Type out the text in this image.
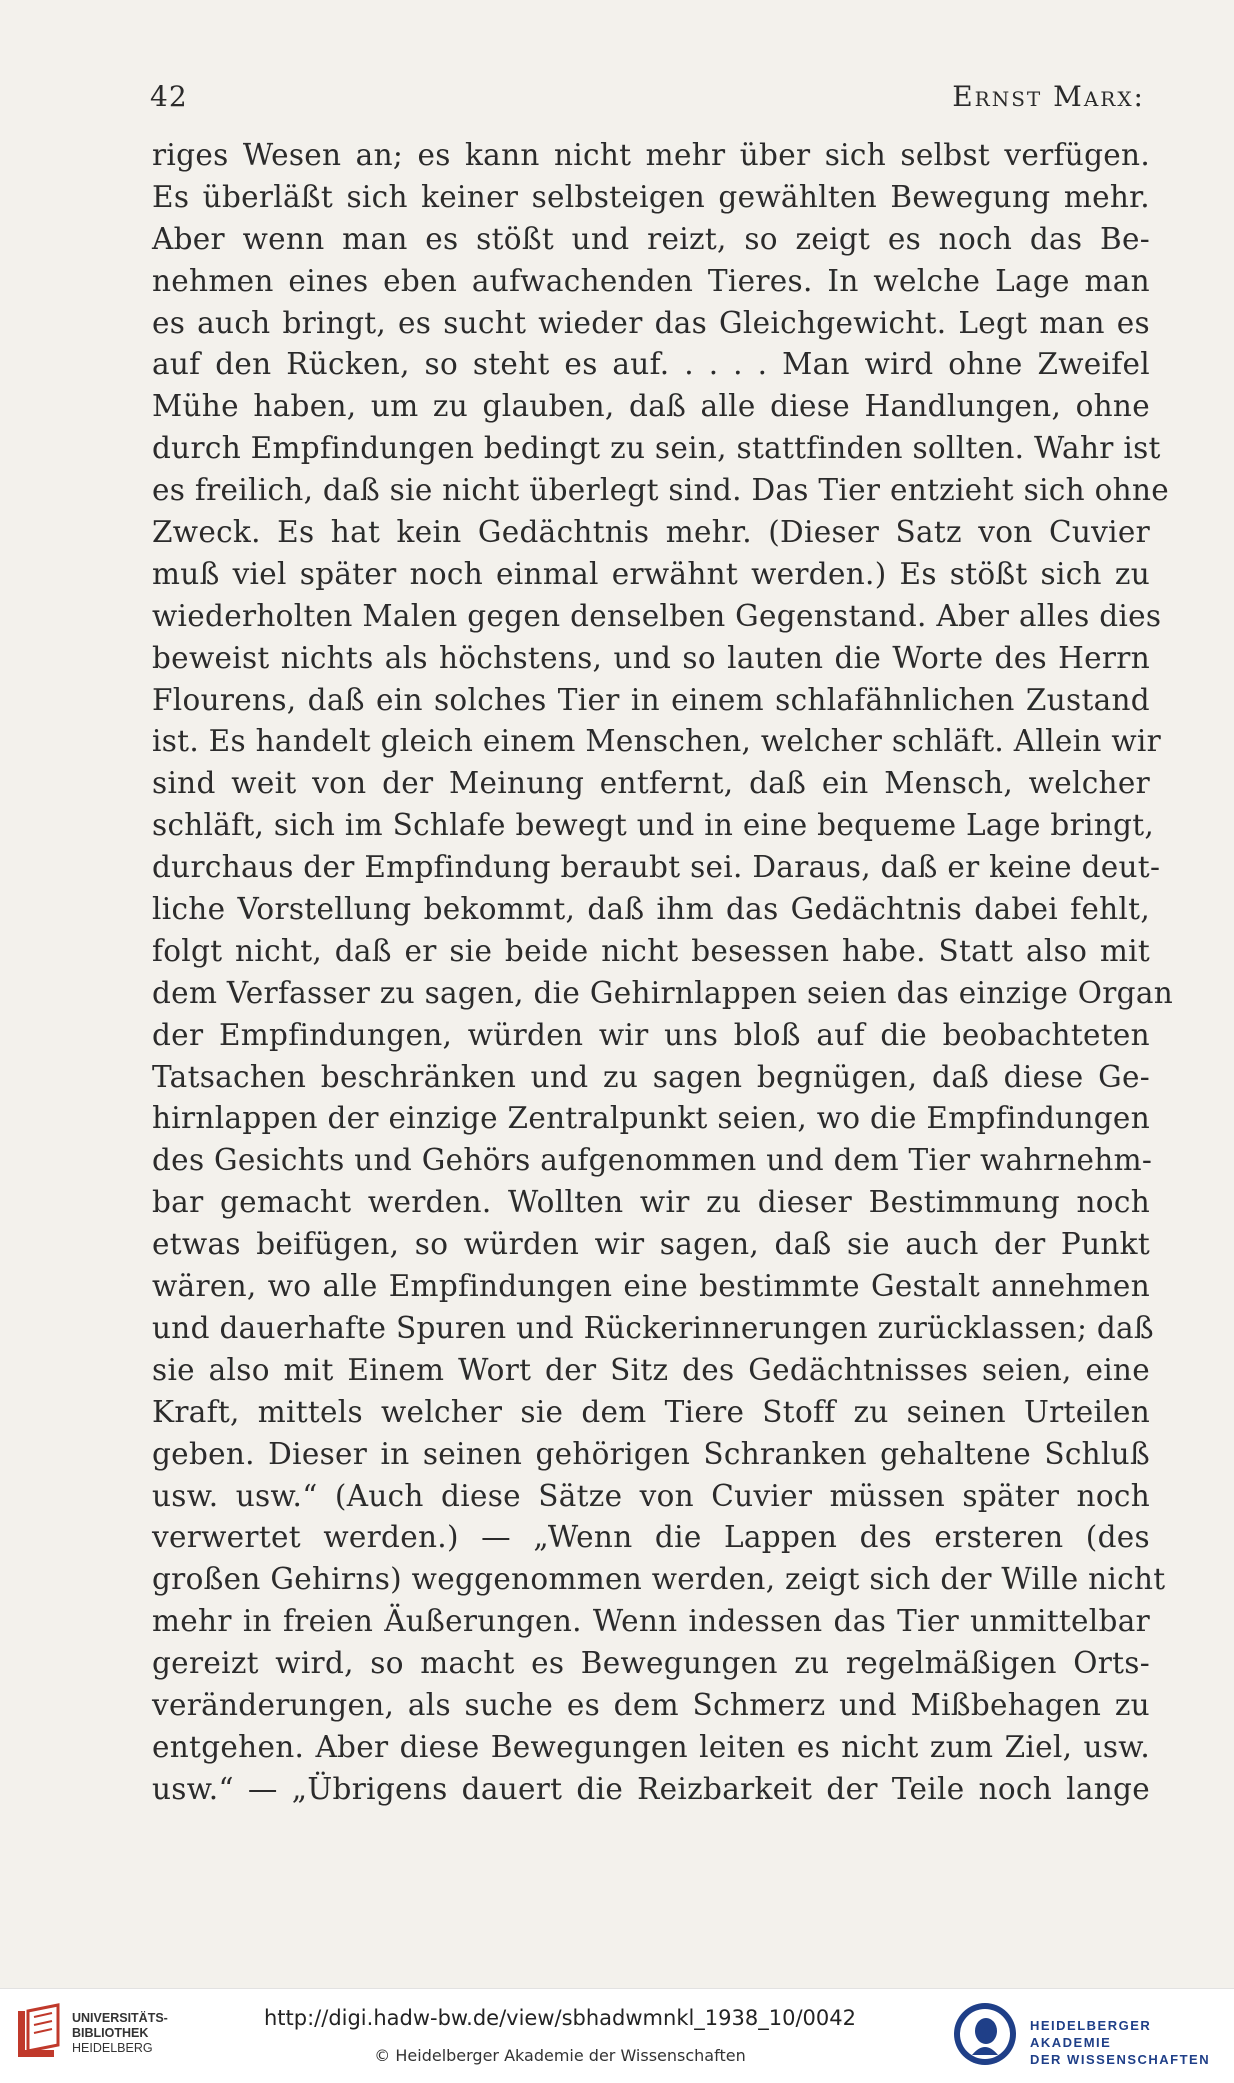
42	Ernst Marx:
riges Wesen an; es kann nicht mehr über sich selbst verfügen.
Es überläßt sich keiner selbsteigen gewählten Bewegung mehr.
Aber wenn man es stößt und reizt, so zeigt es noch das Be-
nehmen eines eben aufwachenden Tieres. In welche Lage man
es auch bringt, es sucht wieder das Gleichgewicht. Legt man es
auf den Rücken, so steht es auf. . . . . Man wird ohne Zweifel
Mühe haben, um zu glauben, daß alle diese Handlungen, ohne
durch Empfindungen bedingt zu sein, stattfinden sollten. Wahr ist
es freilich, daß sie nicht überlegt sind. Das Tier entzieht sich ohne
Zweck. Es hat kein Gedächtnis mehr. (Dieser Satz von Cuvier
muß viel später noch einmal erwähnt werden.) Es stößt sich zu
wiederholten Malen gegen denselben Gegenstand. Aber alles dies
beweist nichts als höchstens, und so lauten die Worte des Herrn
Flourens, daß ein solches Tier in einem schlafähnlichen Zustand
ist. Es handelt gleich einem Menschen, welcher schläft. Allein wir
sind weit von der Meinung entfernt, daß ein Mensch, welcher
schläft, sich im Schlafe bewegt und in eine bequeme Lage bringt,
durchaus der Empfindung beraubt sei. Daraus, daß er keine deut-
liche Vorstellung bekommt, daß ihm das Gedächtnis dabei fehlt,
folgt nicht, daß er sie beide nicht besessen habe. Statt also mit
dem Verfasser zu sagen, die Gehirnlappen seien das einzige Organ
der Empfindungen, würden wir uns bloß auf die beobachteten
Tatsachen beschränken und zu sagen begnügen, daß diese Ge-
hirnlappen der einzige Zentralpunkt seien, wo die Empfindungen
des Gesichts und Gehörs aufgenommen und dem Tier wahrnehm-
bar gemacht werden. Wollten wir zu dieser Bestimmung noch
etwas beifügen, so würden wir sagen, daß sie auch der Punkt
wären, wo alle Empfindungen eine bestimmte Gestalt annehmen
und dauerhafte Spuren und Rückerinnerungen zurücklassen; daß
sie also mit Einem Wort der Sitz des Gedächtnisses seien, eine
Kraft, mittels welcher sie dem Tiere Stoff zu seinen Urteilen
geben. Dieser in seinen gehörigen Schranken gehaltene Schluß
usw. usw.“ (Auch diese Sätze von Cuvier müssen später noch
verwertet werden.) — „Wenn die Lappen des ersteren (des
großen Gehirns) weggenommen werden, zeigt sich der Wille nicht
mehr in freien Äußerungen. Wenn indessen das Tier unmittelbar
gereizt wird, so macht es Bewegungen zu regelmäßigen Orts-
veränderungen, als suche es dem Schmerz und Mißbehagen zu
entgehen. Aber diese Bewegungen leiten es nicht zum Ziel, usw.
usw.“ — „Übrigens dauert die Reizbarkeit der Teile noch lange
UNIVERSITÄTS-
BIBLIOTHEK
HEIDELBERG
http://digi.hadw-bw.de/view/sbhadwmnkl_1938_10/0042
© Heidelberger Akademie der Wissenschaften
HEIDELBERGER AKADEMIE
DER WISSENSCHAFTEN
